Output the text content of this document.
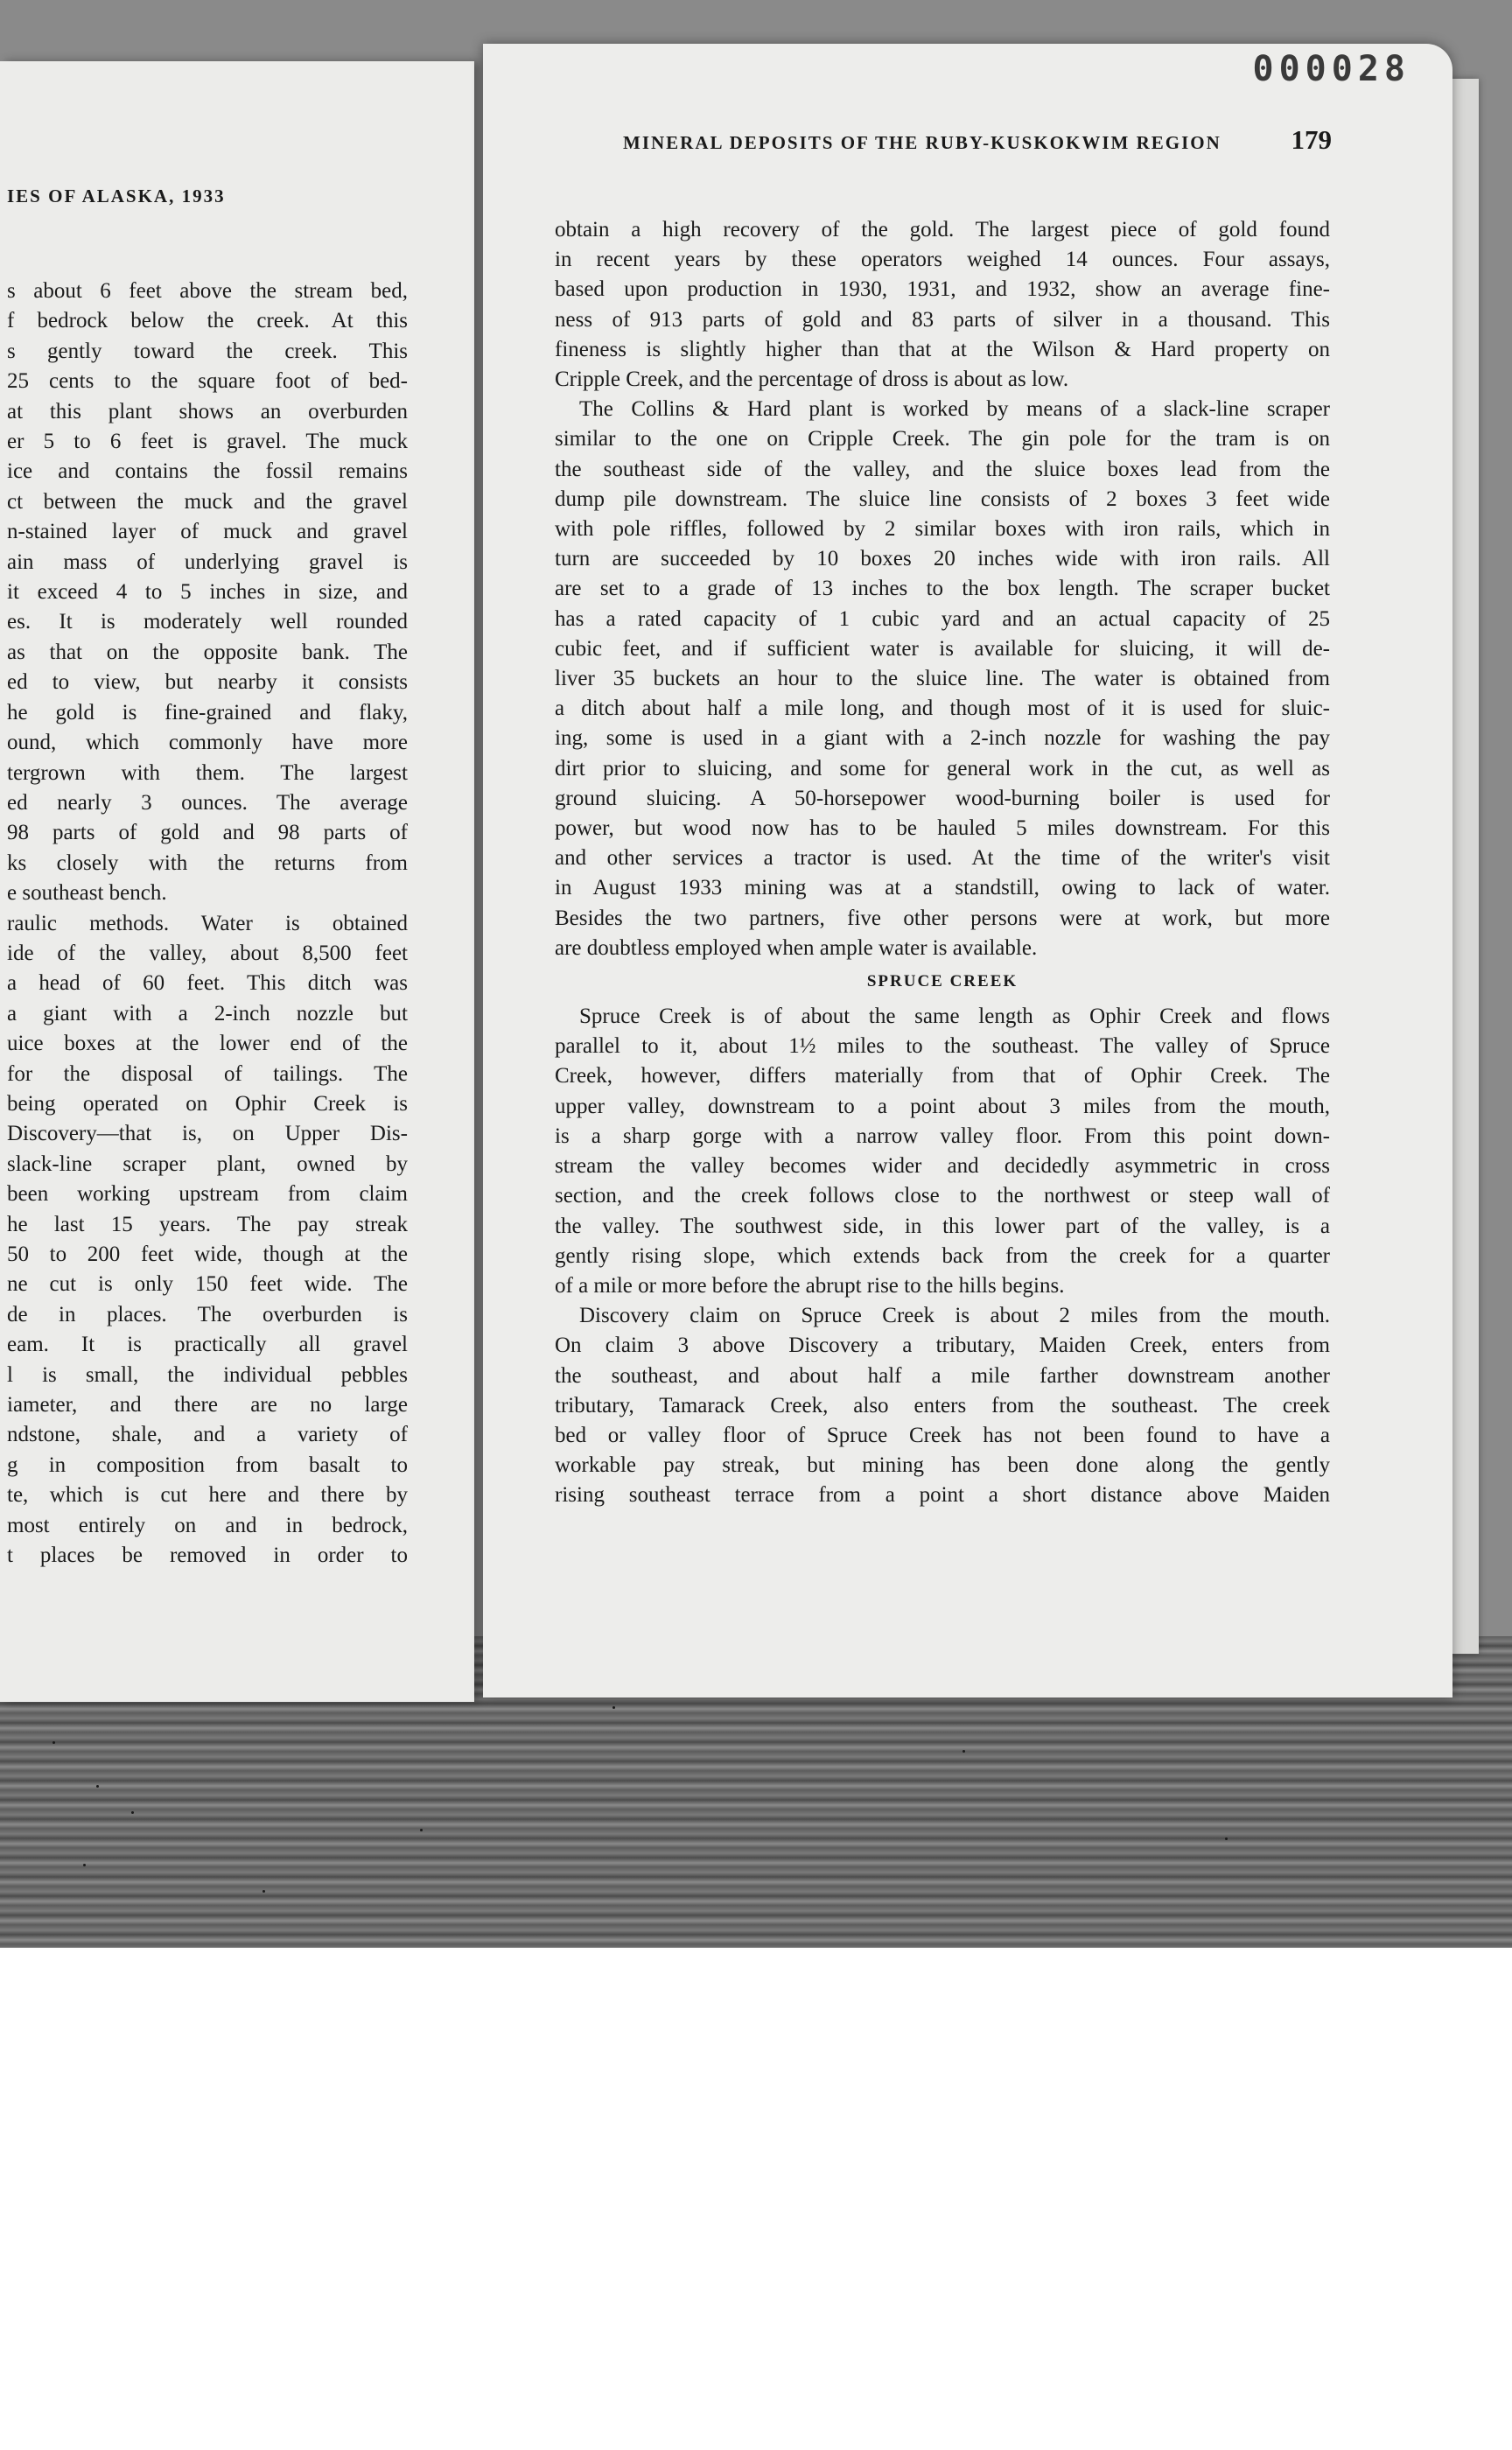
IES OF ALASKA, 1933
s about 6 feet above the stream bed,
f bedrock below the creek. At this
s gently toward the creek. This
25 cents to the square foot of bed-
at this plant shows an overburden
er 5 to 6 feet is gravel. The muck
ice and contains the fossil remains
ct between the muck and the gravel
n-stained layer of muck and gravel
ain mass of underlying gravel is
it exceed 4 to 5 inches in size, and
es. It is moderately well rounded
as that on the opposite bank. The
ed to view, but nearby it consists
he gold is fine-grained and flaky,
ound, which commonly have more
tergrown with them. The largest
ed nearly 3 ounces. The average
98 parts of gold and 98 parts of
ks closely with the returns from
e southeast bench.
raulic methods. Water is obtained
ide of the valley, about 8,500 feet
a head of 60 feet. This ditch was
a giant with a 2-inch nozzle but
uice boxes at the lower end of the
for the disposal of tailings. The
being operated on Ophir Creek is
Discovery—that is, on Upper Dis-
slack-line scraper plant, owned by
been working upstream from claim
he last 15 years. The pay streak
50 to 200 feet wide, though at the
ne cut is only 150 feet wide. The
de in places. The overburden is
eam. It is practically all gravel
l is small, the individual pebbles
iameter, and there are no large
ndstone, shale, and a variety of
g in composition from basalt to
te, which is cut here and there by
most entirely on and in bedrock,
t places be removed in order to
000028
MINERAL DEPOSITS OF THE RUBY-KUSKOKWIM REGION	179
obtain a high recovery of the gold. The largest piece of gold found
in recent years by these operators weighed 14 ounces. Four assays,
based upon production in 1930, 1931, and 1932, show an average fine-
ness of 913 parts of gold and 83 parts of silver in a thousand. This
fineness is slightly higher than that at the Wilson & Hard property on
Cripple Creek, and the percentage of dross is about as low.
The Collins & Hard plant is worked by means of a slack-line scraper
similar to the one on Cripple Creek. The gin pole for the tram is on
the southeast side of the valley, and the sluice boxes lead from the
dump pile downstream. The sluice line consists of 2 boxes 3 feet wide
with pole riffles, followed by 2 similar boxes with iron rails, which in
turn are succeeded by 10 boxes 20 inches wide with iron rails. All
are set to a grade of 13 inches to the box length. The scraper bucket
has a rated capacity of 1 cubic yard and an actual capacity of 25
cubic feet, and if sufficient water is available for sluicing, it will de-
liver 35 buckets an hour to the sluice line. The water is obtained from
a ditch about half a mile long, and though most of it is used for sluic-
ing, some is used in a giant with a 2-inch nozzle for washing the pay
dirt prior to sluicing, and some for general work in the cut, as well as
ground sluicing. A 50-horsepower wood-burning boiler is used for
power, but wood now has to be hauled 5 miles downstream. For this
and other services a tractor is used. At the time of the writer's visit
in August 1933 mining was at a standstill, owing to lack of water.
Besides the two partners, five other persons were at work, but more
are doubtless employed when ample water is available.
SPRUCE CREEK
Spruce Creek is of about the same length as Ophir Creek and flows
parallel to it, about 1½ miles to the southeast. The valley of Spruce
Creek, however, differs materially from that of Ophir Creek. The
upper valley, downstream to a point about 3 miles from the mouth,
is a sharp gorge with a narrow valley floor. From this point down-
stream the valley becomes wider and decidedly asymmetric in cross
section, and the creek follows close to the northwest or steep wall of
the valley. The southwest side, in this lower part of the valley, is a
gently rising slope, which extends back from the creek for a quarter
of a mile or more before the abrupt rise to the hills begins.
Discovery claim on Spruce Creek is about 2 miles from the mouth.
On claim 3 above Discovery a tributary, Maiden Creek, enters from
the southeast, and about half a mile farther downstream another
tributary, Tamarack Creek, also enters from the southeast. The creek
bed or valley floor of Spruce Creek has not been found to have a
workable pay streak, but mining has been done along the gently
rising southeast terrace from a point a short distance above Maiden
